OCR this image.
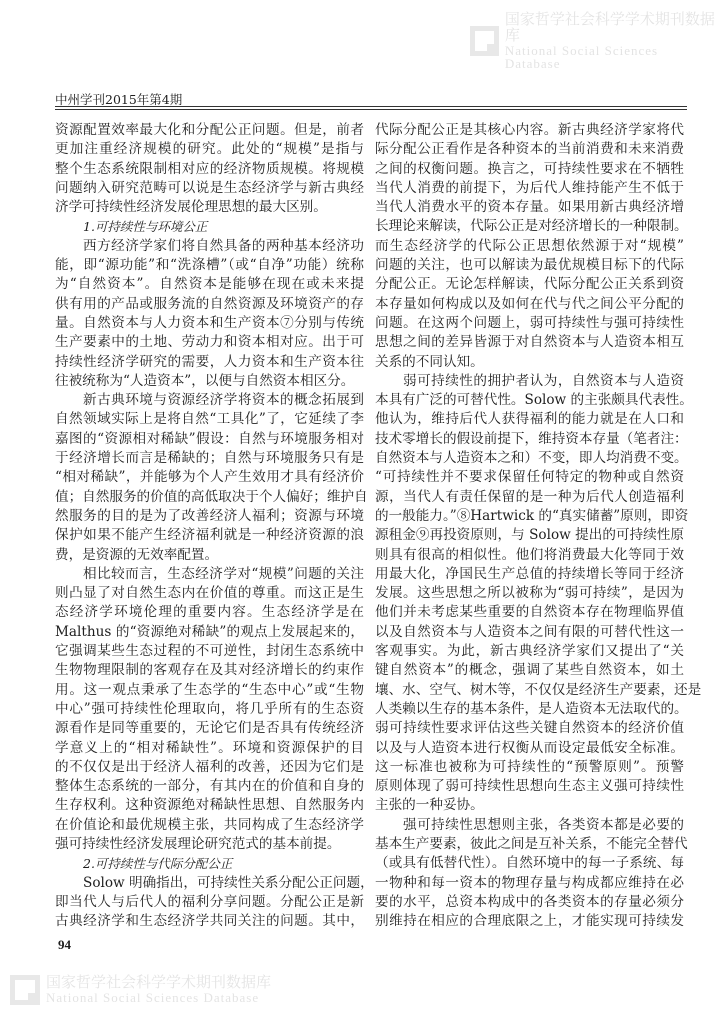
国家哲学社会科学学术期刊数据库
National Social Sciences Database
中州学刊2015年第4期
资源配置效率最大化和分配公正问题。但是，前者
更加注重经济规模的研究。此处的“规模”是指与
整个生态系统限制相对应的经济物质规模。将规模
问题纳入研究范畴可以说是生态经济学与新古典经
济学可持续性经济发展伦理思想的最大区别。
1.可持续性与环境公正
西方经济学家们将自然具备的两种基本经济功
能，即“源功能”和“洗涤槽”（或“自净”功能）统称
为“自然资本”。自然资本是能够在现在或未来提
供有用的产品或服务流的自然资源及环境资产的存
量。自然资本与人力资本和生产资本⑦分别与传统
生产要素中的土地、劳动力和资本相对应。出于可
持续性经济学研究的需要，人力资本和生产资本往
往被统称为“人造资本”，以便与自然资本相区分。
新古典环境与资源经济学将资本的概念拓展到
自然领域实际上是将自然“工具化”了，它延续了李
嘉图的“资源相对稀缺”假设：自然与环境服务相对
于经济增长而言是稀缺的；自然与环境服务只有是
“相对稀缺”，并能够为个人产生效用才具有经济价
值；自然服务的价值的高低取决于个人偏好；维护自
然服务的目的是为了改善经济人福利；资源与环境
保护如果不能产生经济福利就是一种经济资源的浪
费，是资源的无效率配置。
相比较而言，生态经济学对“规模”问题的关注
则凸显了对自然生态内在价值的尊重。而这正是生
态经济学环境伦理的重要内容。生态经济学是在
Malthus 的“资源绝对稀缺”的观点上发展起来的，
它强调某些生态过程的不可逆性，封闭生态系统中
生物物理限制的客观存在及其对经济增长的约束作
用。这一观点秉承了生态学的“生态中心”或“生物
中心”强可持续性伦理取向，将几乎所有的生态资
源看作是同等重要的，无论它们是否具有传统经济
学意义上的“相对稀缺性”。环境和资源保护的目
的不仅仅是出于经济人福利的改善，还因为它们是
整体生态系统的一部分，有其内在的价值和自身的
生存权利。这种资源绝对稀缺性思想、自然服务内
在价值论和最优规模主张，共同构成了生态经济学
强可持续性经济发展理论研究范式的基本前提。
2.可持续性与代际分配公正
Solow 明确指出，可持续性关系分配公正问题，
即当代人与后代人的福利分享问题。分配公正是新
古典经济学和生态经济学共同关注的问题。其中，
代际分配公正是其核心内容。新古典经济学家将代
际分配公正看作是各种资本的当前消费和未来消费
之间的权衡问题。换言之，可持续性要求在不牺牲
当代人消费的前提下，为后代人维持能产生不低于
当代人消费水平的资本存量。如果用新古典经济增
长理论来解读，代际公正是对经济增长的一种限制。
而生态经济学的代际公正思想依然源于对“规模”
问题的关注，也可以解读为最优规模目标下的代际
分配公正。无论怎样解读，代际分配公正关系到资
本存量如何构成以及如何在代与代之间公平分配的
问题。在这两个问题上，弱可持续性与强可持续性
思想之间的差异皆源于对自然资本与人造资本相互
关系的不同认知。
弱可持续性的拥护者认为，自然资本与人造资
本具有广泛的可替代性。Solow 的主张颇具代表性。
他认为，维持后代人获得福利的能力就是在人口和
技术零增长的假设前提下，维持资本存量（笔者注：
自然资本与人造资本之和）不变，即人均消费不变。
“可持续性并不要求保留任何特定的物种或自然资
源，当代人有责任保留的是一种为后代人创造福利
的一般能力。”⑧Hartwick 的“真实储蓄”原则，即资
源租金⑨再投资原则，与 Solow 提出的可持续性原
则具有很高的相似性。他们将消费最大化等同于效
用最大化，净国民生产总值的持续增长等同于经济
发展。这些思想之所以被称为“弱可持续”，是因为
他们并未考虑某些重要的自然资本存在物理临界值
以及自然资本与人造资本之间有限的可替代性这一
客观事实。为此，新古典经济学家们又提出了“关
键自然资本”的概念，强调了某些自然资本，如土
壤、水、空气、树木等，不仅仅是经济生产要素，还是
人类赖以生存的基本条件，是人造资本无法取代的。
弱可持续性要求评估这些关键自然资本的经济价值
以及与人造资本进行权衡从而设定最低安全标准。
这一标准也被称为可持续性的“预警原则”。预警
原则体现了弱可持续性思想向生态主义强可持续性
主张的一种妥协。
强可持续性思想则主张，各类资本都是必要的
基本生产要素，彼此之间是互补关系，不能完全替代
（或具有低替代性）。自然环境中的每一子系统、每
一物种和每一资本的物理存量与构成都应维持在必
要的水平，总资本构成中的各类资本的存量必须分
别维持在相应的合理底限之上，才能实现可持续发
94
国家哲学社会科学学术期刊数据库
National Social Sciences Database
